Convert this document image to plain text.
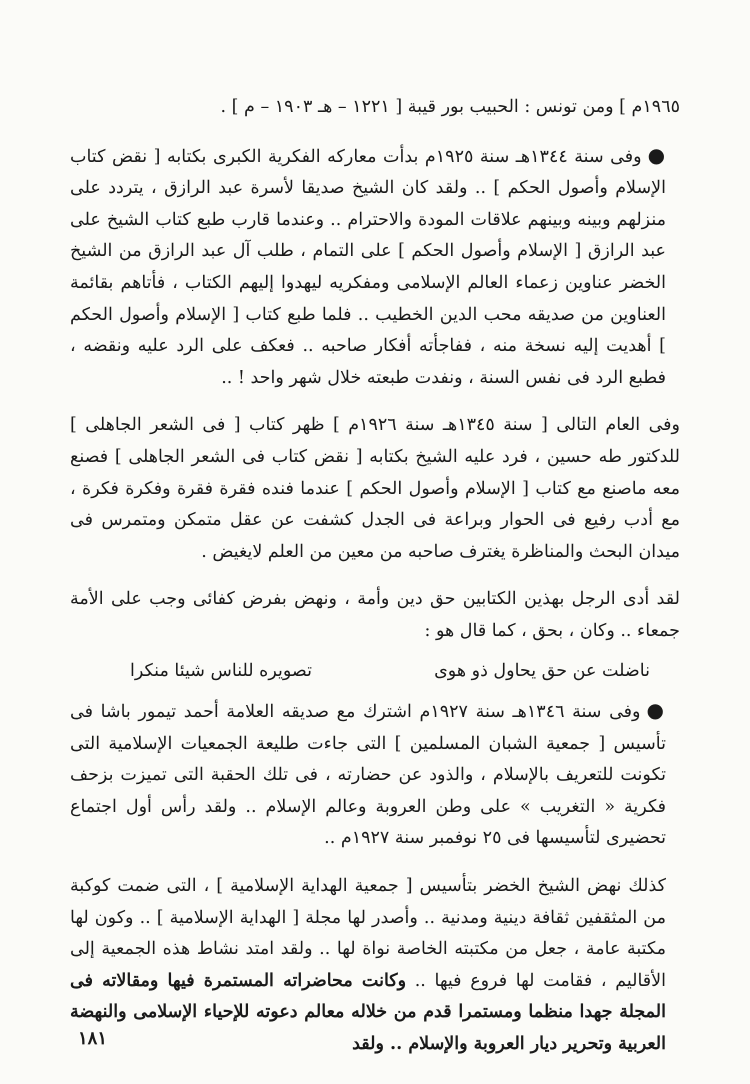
١٩٦٥م ] ومن تونس : الحبيب بور قيبة [ ١٢٢١ – هـ ١٩٠٣ – م ] .

●وفى سنة ١٣٤٤هـ سنة ١٩٢٥م بدأت معاركه الفكرية الكبرى بكتابه [ نقض كتاب الإسلام وأصول الحكم ] .. ولقد كان الشيخ صديقا لأسرة عبد الرازق ، يتردد على منزلهم وبينه وبينهم علاقات المودة والاحترام .. وعندما قارب طبع كتاب الشيخ على عبد الرازق [ الإسلام وأصول الحكم ] على التمام ، طلب آل عبد الرازق من الشيخ الخضر عناوين زعماء العالم الإسلامى ومفكريه ليهدوا إليهم الكتاب ، فأتاهم بقائمة العناوين من صديقه محب الدين الخطيب .. فلما طبع كتاب [ الإسلام وأصول الحكم ] أهديت إليه نسخة منه ، ففاجأته أفكار صاحبه .. فعكف على الرد عليه ونقضه ، فطبع الرد فى نفس السنة ، ونفدت طبعته خلال شهر واحد ! ..

وفى العام التالى [ سنة ١٣٤٥هـ سنة ١٩٢٦م ] ظهر كتاب [ فى الشعر الجاهلى ] للدكتور طه حسين ، فرد عليه الشيخ بكتابه [ نقض كتاب فى الشعر الجاهلى ] فصنع معه ماصنع مع كتاب [ الإسلام وأصول الحكم ] عندما فنده فقرة فقرة وفكرة فكرة ، مع أدب رفيع فى الحوار وبراعة فى الجدل كشفت عن عقل متمكن ومتمرس فى ميدان البحث والمناظرة يغترف صاحبه من معين من العلم لايغيض .

لقد أدى الرجل بهذين الكتابين حق دين وأمة ، ونهض بفرض كفائى وجب على الأمة جمعاء .. وكان ، بحق ، كما قال هو :

ناضلت عن حق يحاول ذو هوى
تصويره للناس شيئا منكرا

●وفى سنة ١٣٤٦هـ سنة ١٩٢٧م اشترك مع صديقه العلامة أحمد تيمور باشا فى تأسيس [ جمعية الشبان المسلمين ] التى جاءت طليعة الجمعيات الإسلامية التى تكونت للتعريف بالإسلام ، والذود عن حضارته ، فى تلك الحقبة التى تميزت بزحف فكرية « التغريب » على وطن العروبة وعالم الإسلام .. ولقد رأس أول اجتماع تحضيرى لتأسيسها فى ٢٥ نوفمبر سنة ١٩٢٧م ..

كذلك نهض الشيخ الخضر بتأسيس [ جمعية الهداية الإسلامية ] ، التى ضمت كوكبة من المثقفين ثقافة دينية ومدنية .. وأصدر لها مجلة [ الهداية الإسلامية ] .. وكون لها مكتبة عامة ، جعل من مكتبته الخاصة نواة لها .. ولقد امتد نشاط هذه الجمعية إلى الأقاليم ، فقامت لها فروع فيها .. وكانت محاضراته المستمرة فيها ومقالاته فى المجلة جهدا منظما ومستمرا قدم من خلاله معالم دعوته للإحياء الإسلامى والنهضة العربية وتحرير ديار العروبة والإسلام .. ولقد

١٨١
